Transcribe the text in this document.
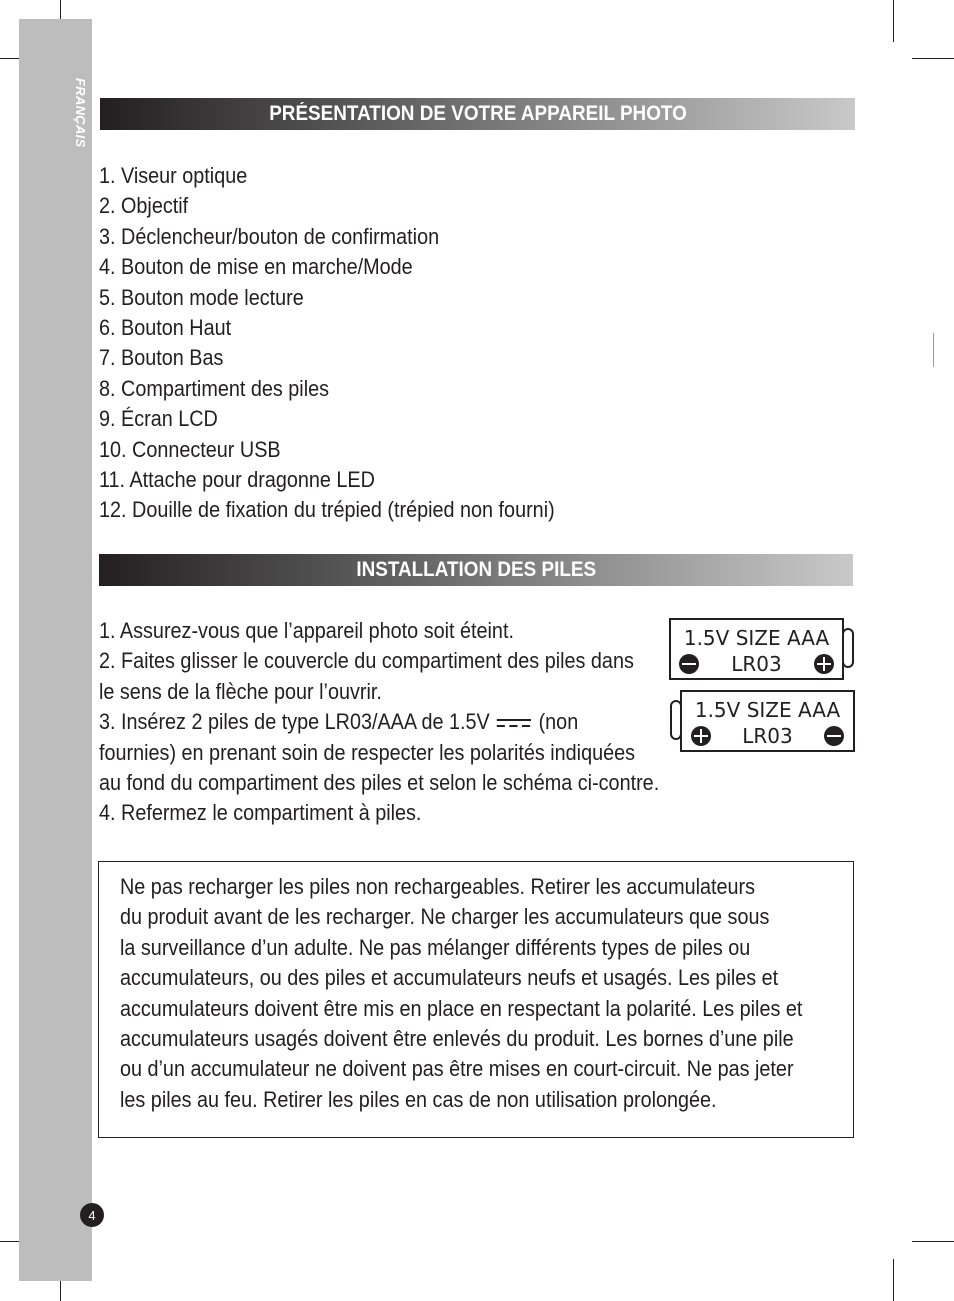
FRANÇAIS	PRÉSENTATION DE VOTRE APPAREIL PHOTO
1. Viseur optique
2. Objectif
3. Déclencheur/bouton de confirmation
4. Bouton de mise en marche/Mode
5. Bouton mode lecture
6. Bouton Haut
7. Bouton Bas
8. Compartiment des piles
9. Écran LCD
10. Connecteur USB
11. Attache pour dragonne LED
12. Douille de fixation du trépied (trépied non fourni)
INSTALLATION DES PILES
1. Assurez-vous que l’appareil photo soit éteint.
2. Faites glisser le couvercle du compartiment des piles dans
le sens de la flèche pour l’ouvrir.
3. Insérez 2 piles de type LR03/AAA de 1.5V (non
fournies) en prenant soin de respecter les polarités indiquées
au fond du compartiment des piles et selon le schéma ci-contre.
4. Refermez le compartiment à piles.
1.5V SIZE AAA
LR03
1.5V SIZE AAA
LR03
Ne pas recharger les piles non rechargeables. Retirer les accumulateurs
du produit avant de les recharger. Ne charger les accumulateurs que sous
la surveillance d’un adulte. Ne pas mélanger différents types de piles ou
accumulateurs, ou des piles et accumulateurs neufs et usagés. Les piles et
accumulateurs doivent être mis en place en respectant la polarité. Les piles et
accumulateurs usagés doivent être enlevés du produit. Les bornes d’une pile
ou d’un accumulateur ne doivent pas être mises en court-circuit. Ne pas jeter
les piles au feu. Retirer les piles en cas de non utilisation prolongée.
4
